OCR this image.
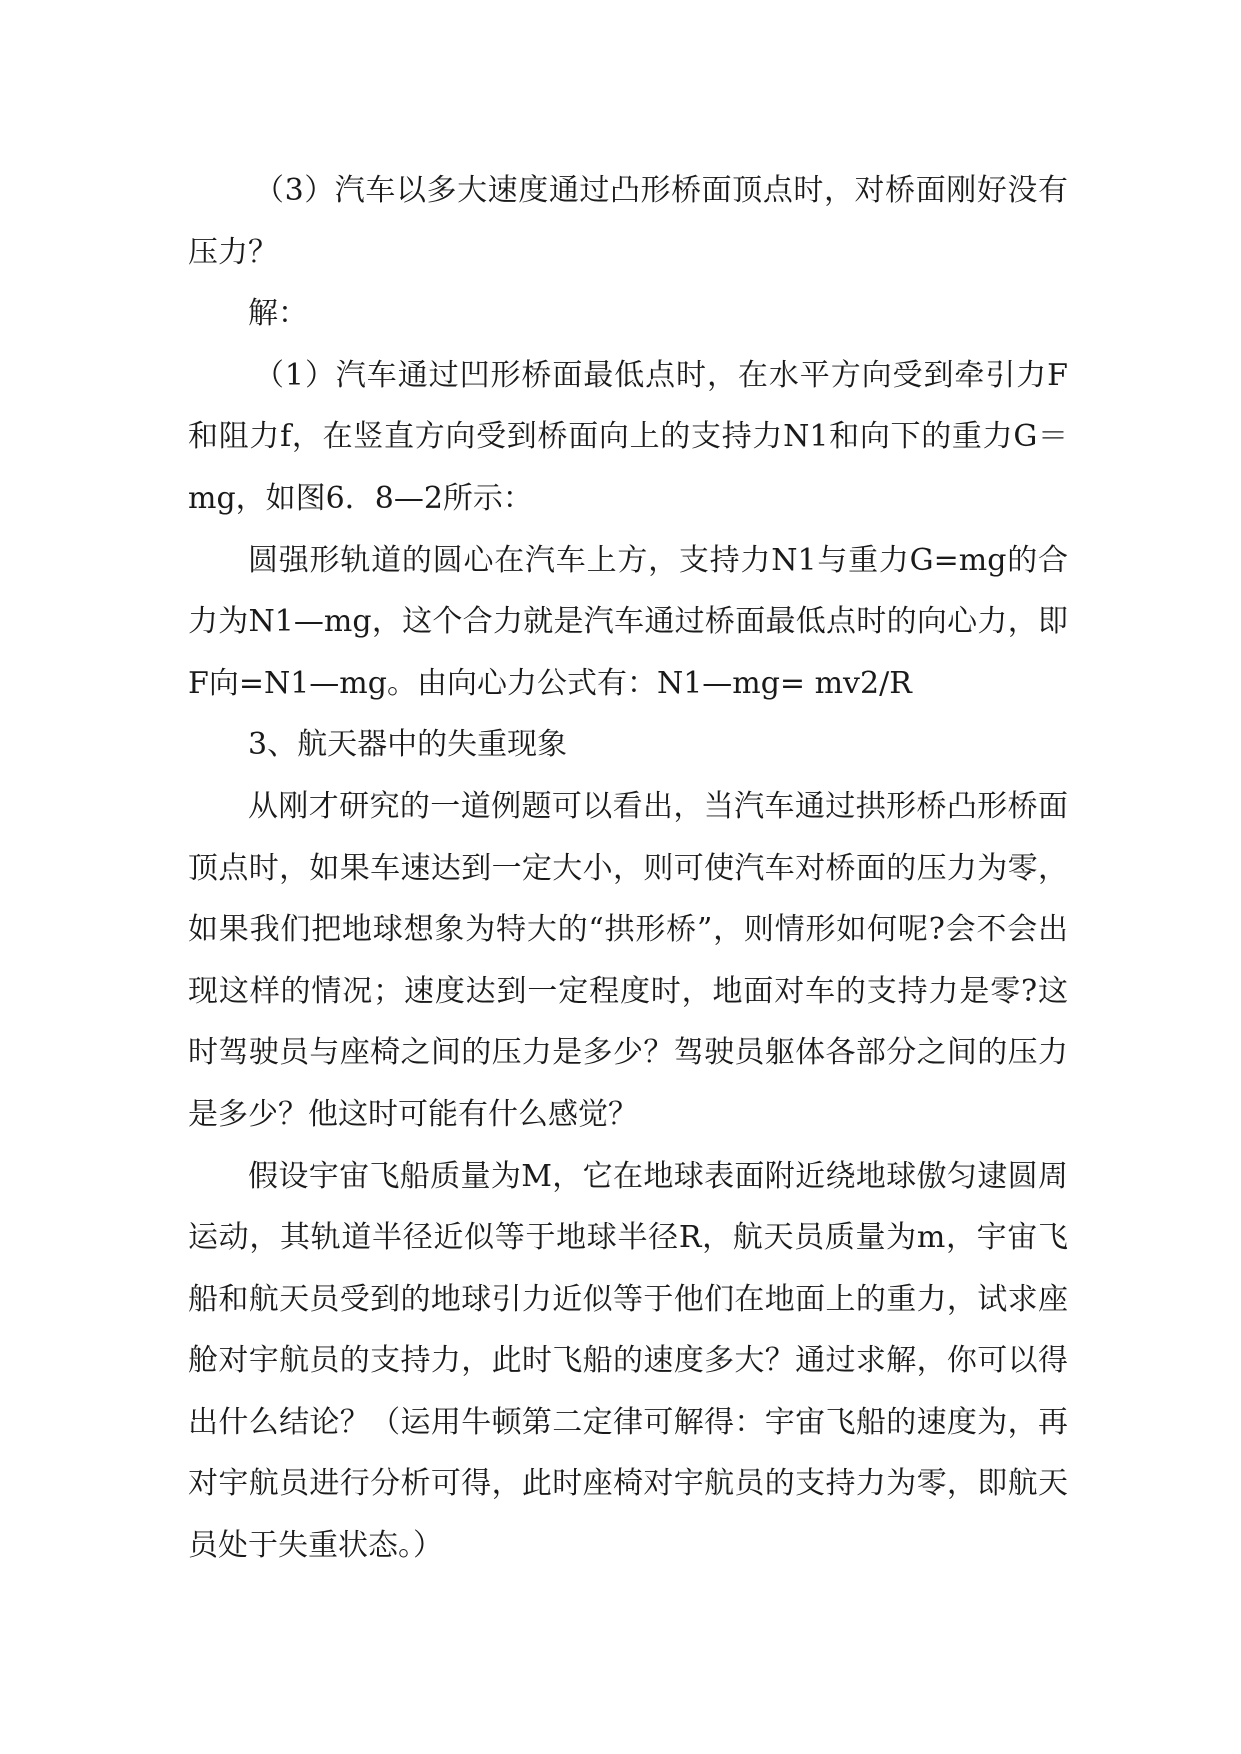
（3）汽车以多大速度通过凸形桥面顶点时，对桥面刚好没有压力？

解：

（1）汽车通过凹形桥面最低点时，在水平方向受到牵引力F和阻力f，在竖直方向受到桥面向上的支持力N1和向下的重力G＝mg，如图6．8—2所示：

圆强形轨道的圆心在汽车上方，支持力N1与重力G=mg的合力为N1—mg，这个合力就是汽车通过桥面最低点时的向心力，即F向=N1—mg。由向心力公式有：N1—mg= mv2/R

3、航天器中的失重现象

从刚才研究的一道例题可以看出，当汽车通过拱形桥凸形桥面顶点时，如果车速达到一定大小，则可使汽车对桥面的压力为零，如果我们把地球想象为特大的“拱形桥”，则情形如何呢?会不会出现这样的情况；速度达到一定程度时，地面对车的支持力是零?这时驾驶员与座椅之间的压力是多少？驾驶员躯体各部分之间的压力是多少？他这时可能有什么感觉？

假设宇宙飞船质量为M，它在地球表面附近绕地球傲匀逮圆周运动，其轨道半径近似等于地球半径R，航天员质量为m，宇宙飞船和航天员受到的地球引力近似等于他们在地面上的重力，试求座舱对宇航员的支持力，此时飞船的速度多大？通过求解，你可以得出什么结论？（运用牛顿第二定律可解得：宇宙飞船的速度为，再对宇航员进行分析可得，此时座椅对宇航员的支持力为零，即航天员处于失重状态。）
